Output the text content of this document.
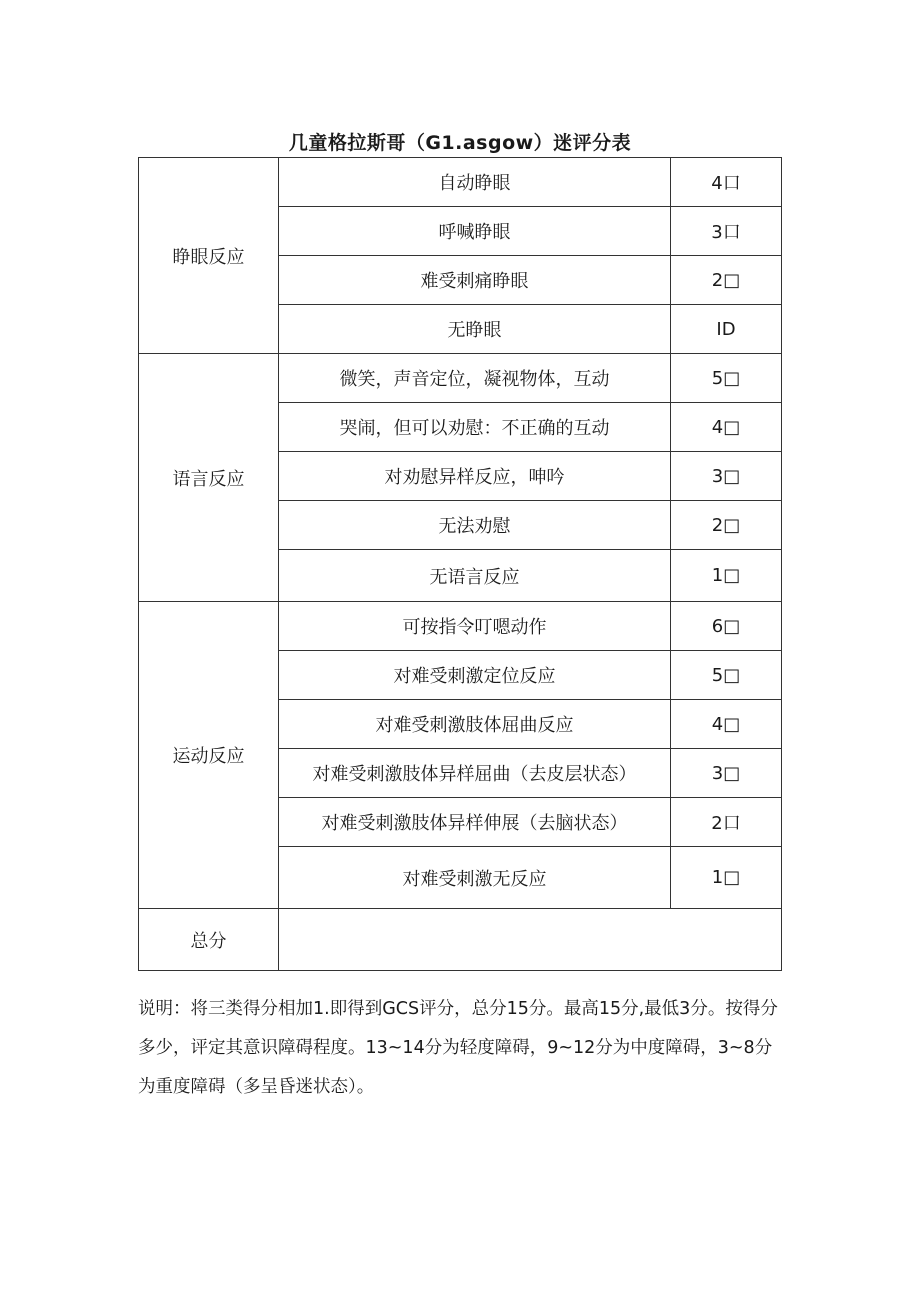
几童格拉斯哥（G1.asgow）迷评分表
睁眼反应	自动睁眼	4口
	呼喊睁眼	3口
	难受刺痛睁眼	2□
	无睁眼	ID
语言反应	微笑，声音定位，凝视物体，互动	5□
	哭闹，但可以劝慰：不正确的互动	4□
	对劝慰异样反应，呻吟	3□
	无法劝慰	2□
	无语言反应	1□
运动反应	可按指令叮嗯动作	6□
	对难受刺激定位反应	5□
	对难受刺激肢体屈曲反应	4□
	对难受刺激肢体异样屈曲（去皮层状态）	3□
	对难受刺激肢体异样伸展（去脑状态）	2口
	对难受刺激无反应	1□
总分		
说明：将三类得分相加1.即得到GCS评分，总分15分。最高15分,最低3分。按得分多少，评定其意识障碍程度。13~14分为轻度障碍，9~12分为中度障碍，3~8分为重度障碍（多呈昏迷状态）。
